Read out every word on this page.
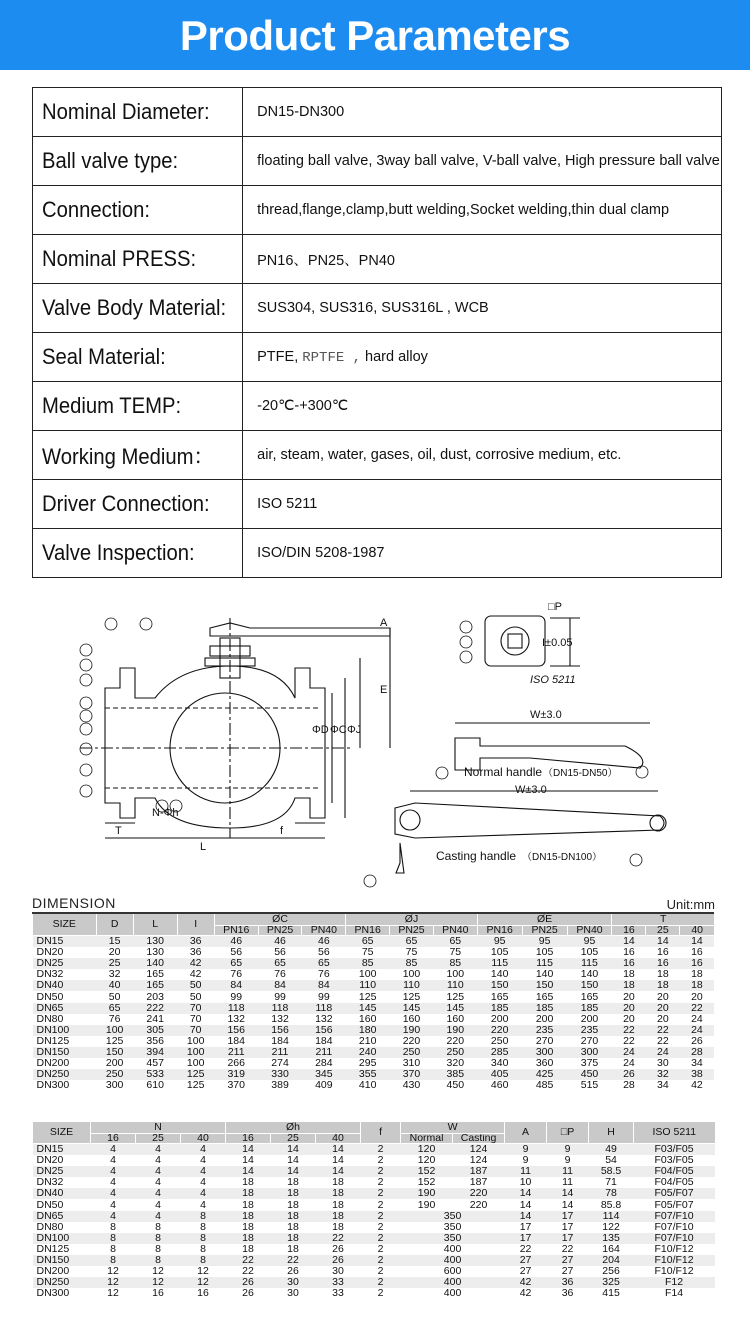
Product Parameters
Nominal Diameter:	DN15-DN300
Ball valve type:	floating ball valve, 3way ball valve, V-ball valve, High pressure ball valve
Connection:	thread,flange,clamp,butt welding,Socket welding,thin dual clamp
Nominal PRESS:	PN16、PN25、PN40
Valve Body Material:	SUS304, SUS316, SUS316L , WCB
Seal Material:	PTFE, RPTFE , hard alloy
Medium TEMP:	-20℃-+300℃
Working Medium：	air, steam, water, gases, oil, dust, corrosive medium, etc.
Driver Connection:	ISO 5211
Valve Inspection:	ISO/DIN 5208-1987
A
E
ΦD ΦC ΦJ
L
T	f
N-Φh
□P
I±0.05
W±3.0
W±3.0
ISO 5211
Normal handle （DN15-DN50）
Casting handle （DN15-DN100）
DIMENSION	Unit:mm
SIZE	D	L	I	ØC			ØJ			ØE			T		
				PN16	PN25	PN40	PN16	PN25	PN40	PN16	PN25	PN40	16	25	40
DN15	15	130	36	46	46	46	65	65	65	95	95	95	14	14	14
DN20	20	130	36	56	56	56	75	75	75	105	105	105	16	16	16
DN25	25	140	42	65	65	65	85	85	85	115	115	115	16	16	16
DN32	32	165	42	76	76	76	100	100	100	140	140	140	18	18	18
DN40	40	165	50	84	84	84	110	110	110	150	150	150	18	18	18
DN50	50	203	50	99	99	99	125	125	125	165	165	165	20	20	20
DN65	65	222	70	118	118	118	145	145	145	185	185	185	20	20	22
DN80	76	241	70	132	132	132	160	160	160	200	200	200	20	20	24
DN100	100	305	70	156	156	156	180	190	190	220	235	235	22	22	24
DN125	125	356	100	184	184	184	210	220	220	250	270	270	22	22	26
DN150	150	394	100	211	211	211	240	250	250	285	300	300	24	24	28
DN200	200	457	100	266	274	284	295	310	320	340	360	375	24	30	34
DN250	250	533	125	319	330	345	355	370	385	405	425	450	26	32	38
DN300	300	610	125	370	389	409	410	430	450	460	485	515	28	34	42
SIZE	N			Øh			f	W		A	□P	H	ISO 5211
	16	25	40	16	25	40		Normal	Casting				
DN15	4	4	4	14	14	14	2	120	124	9	9	49	F03/F05
DN20	4	4	4	14	14	14	2	120	124	9	9	54	F03/F05
DN25	4	4	4	14	14	14	2	152	187	11	11	58.5	F04/F05
DN32	4	4	4	18	18	18	2	152	187	10	11	71	F04/F05
DN40	4	4	4	18	18	18	2	190	220	14	14	78	F05/F07
DN50	4	4	4	18	18	18	2	190	220	14	14	85.8	F05/F07
DN65	4	4	8	18	18	18	2	350		14	17	114	F07/F10
DN80	8	8	8	18	18	18	2	350		17	17	122	F07/F10
DN100	8	8	8	18	18	22	2	350		17	17	135	F07/F10
DN125	8	8	8	18	18	26	2	400		22	22	164	F10/F12
DN150	8	8	8	22	22	26	2	400		27	27	204	F10/F12
DN200	12	12	12	22	26	30	2	600		27	27	256	F10/F12
DN250	12	12	12	26	30	33	2	400		42	36	325	F12
DN300	12	16	16	26	30	33	2	400		42	36	415	F14
